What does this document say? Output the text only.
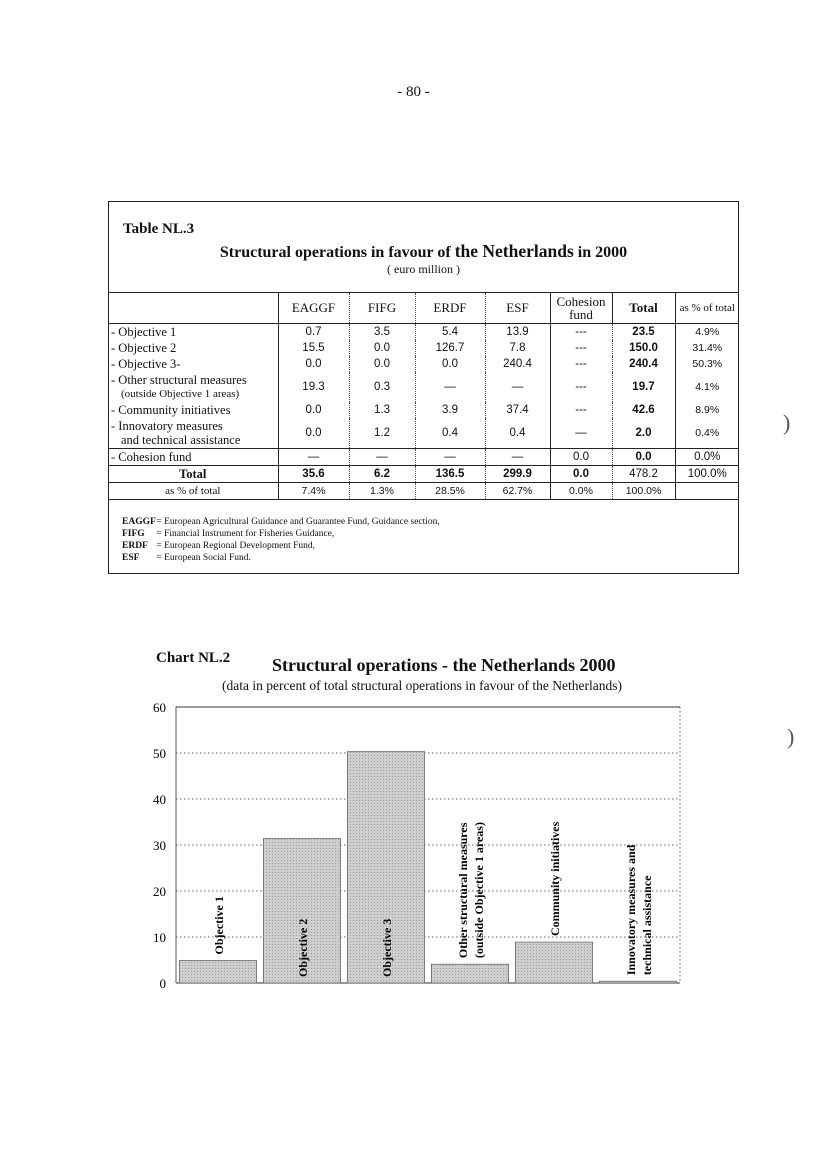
- 80 -
Table NL.3
Structural operations in favour of the Netherlands in 2000
( euro million )
	EAGGF	FIFG	ERDF	ESF	Cohesion fund	Total	as % of total

- Objective 1	0.7	3.5	5.4	13.9	---	23.5	4.9%

- Objective 2	15.5	0.0	126.7	7.8	---	150.0	31.4%

- Objective 3-	0.0	0.0	0.0	240.4	---	240.4	50.3%

- Other structural measures
(outside Objective 1 areas)	19.3	0.3	—	—	---	19.7	4.1%

- Community initiatives	0.0	1.3	3.9	37.4	---	42.6	8.9%

- Innovatory measures
and technical assistance	0.0	1.2	0.4	0.4	—	2.0	0.4%
- Cohesion fund	—	—	—	—	0.0	0.0	0.0%
Total	35.6	6.2	136.5	299.9	0.0	478.2	100.0%
as % of total	7.4%	1.3%	28.5%	62.7%	0.0%	100.0%	
EAGGF = European Agricultural Guidance and Guarantee Fund, Guidance section,
FIFG = Financial Instrument for Fisheries Guidance,
ERDF = European Regional Development Fund,
ESF = European Social Fund.
Chart NL.2 Structural operations - the Netherlands 2000
(data in percent of total structural operations in favour of the Netherlands)
0
10
20
30
40
50
60
Objective 1	Objective 2	Objective 3	Other structural measures (outside Objective 1 areas)	Community initiatives	Innovatory measures and technical assistance
)
)
